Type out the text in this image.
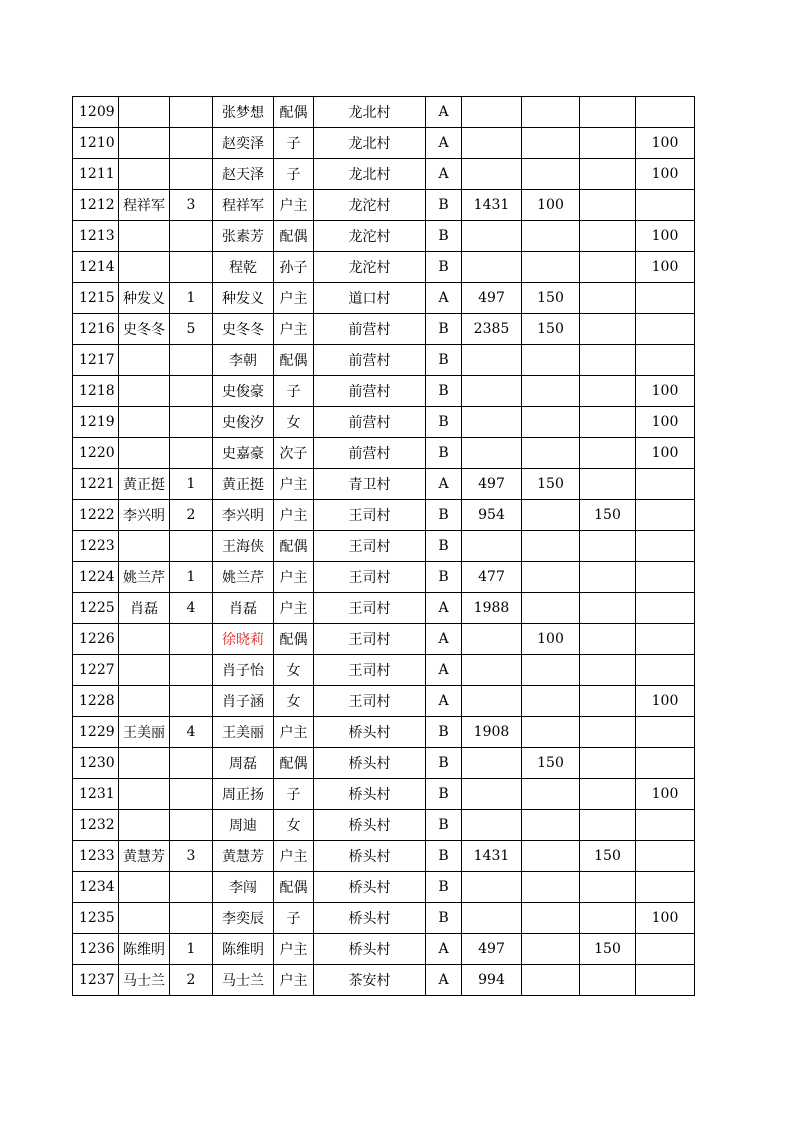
1209			张梦想	配偶	龙北村	A				
1210			赵奕泽	子	龙北村	A				100
1211			赵天泽	子	龙北村	A				100
1212	程祥军	3	程祥军	户主	龙沱村	B	1431	100		
1213			张素芳	配偶	龙沱村	B				100
1214			程乾	孙子	龙沱村	B				100
1215	种发义	1	种发义	户主	道口村	A	497	150		
1216	史冬冬	5	史冬冬	户主	前营村	B	2385	150		
1217			李朝	配偶	前营村	B				
1218			史俊豪	子	前营村	B				100
1219			史俊汐	女	前营村	B				100
1220			史嘉豪	次子	前营村	B				100
1221	黄正挺	1	黄正挺	户主	青卫村	A	497	150		
1222	李兴明	2	李兴明	户主	王司村	B	954		150	
1223			王海侠	配偶	王司村	B				
1224	姚兰芹	1	姚兰芹	户主	王司村	B	477			
1225	肖磊	4	肖磊	户主	王司村	A	1988			
1226			徐晓莉	配偶	王司村	A		100		
1227			肖子怡	女	王司村	A				
1228			肖子涵	女	王司村	A				100
1229	王美丽	4	王美丽	户主	桥头村	B	1908			
1230			周磊	配偶	桥头村	B		150		
1231			周正扬	子	桥头村	B				100
1232			周迪	女	桥头村	B				
1233	黄慧芳	3	黄慧芳	户主	桥头村	B	1431		150	
1234			李闯	配偶	桥头村	B				
1235			李奕辰	子	桥头村	B				100
1236	陈维明	1	陈维明	户主	桥头村	A	497		150	
1237	马士兰	2	马士兰	户主	茶安村	A	994			
